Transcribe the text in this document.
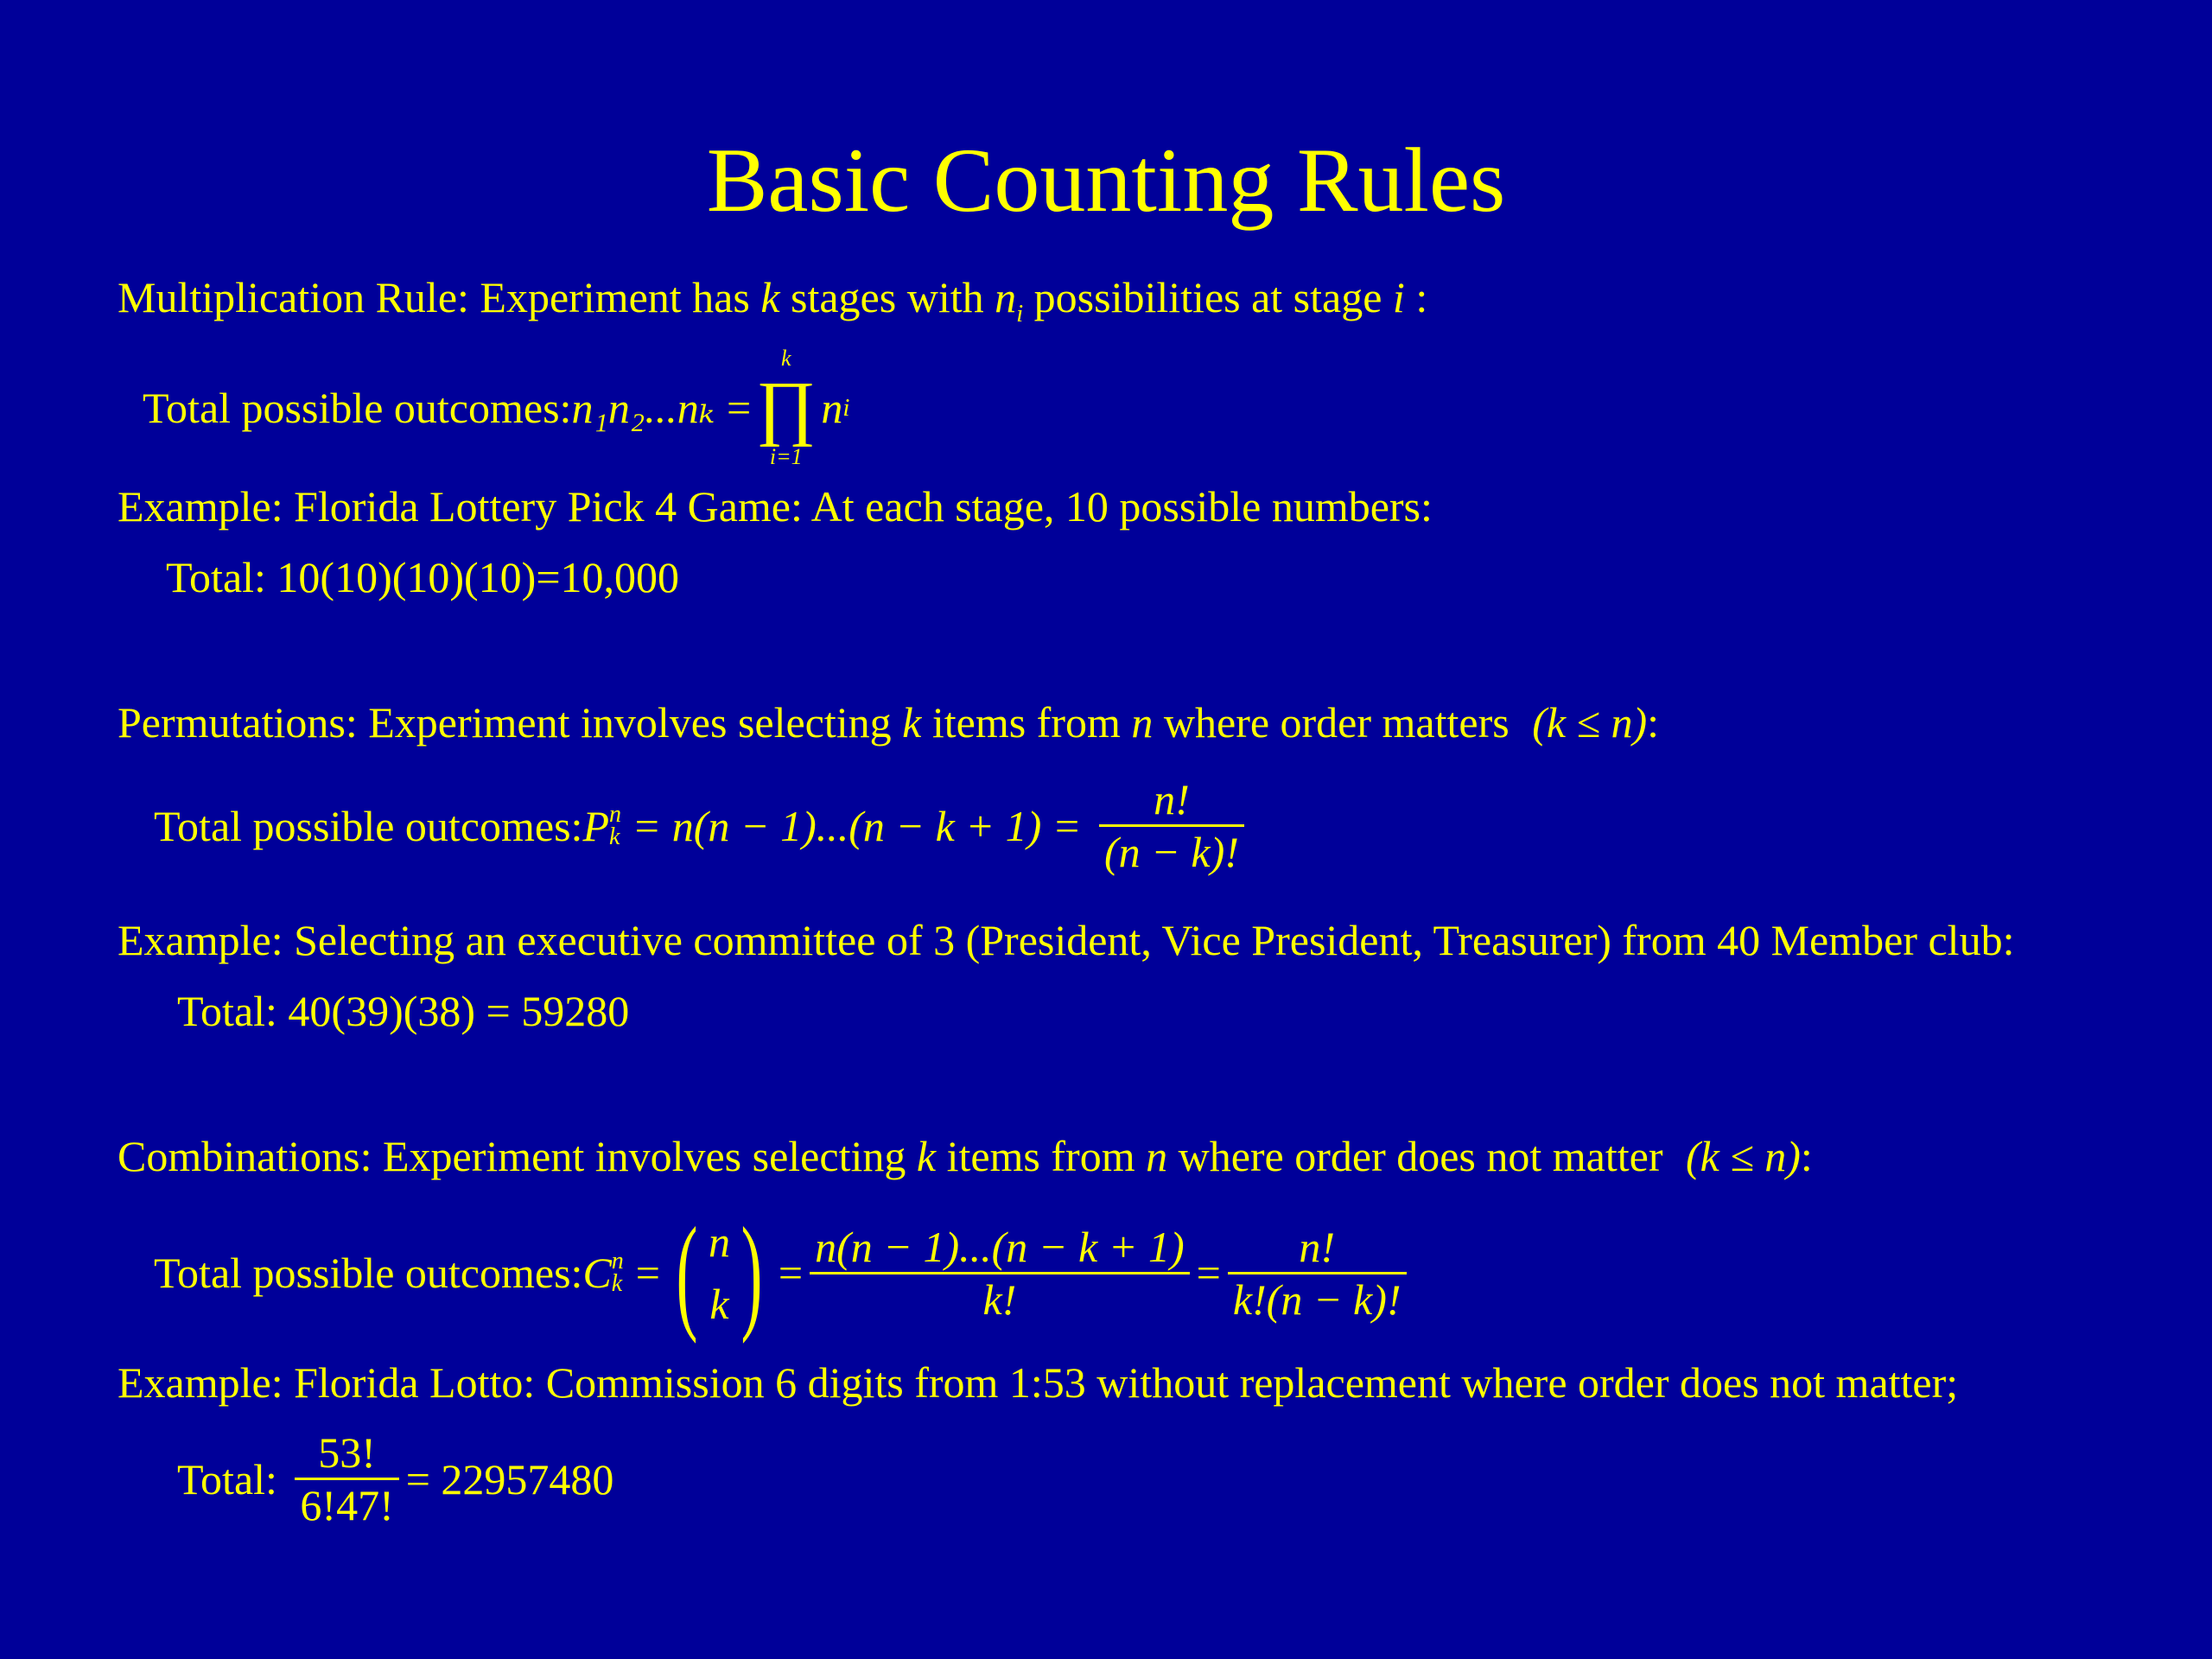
Basic Counting Rules
Multiplication Rule: Experiment has k stages with $n_i$ possibilities at stage i :
Total possible outcomes: n₁n₂...nₖ =
k
∏
i=1
n i
Example: Florida Lottery Pick 4 Game: At each stage, 10 possible numbers:
Total: 10(10)(10)(10)=10,000
Permutations: Experiment involves selecting k items from n where order matters (k ≤ n):
Total possible outcomes: P n
$k = n(n - 1)...(n - k + 1) = \frac{n!}{(n - k)!}$
Example: Selecting an executive committee of 3 (President, Vice President, Treasurer) from 40 Member club:
Total: 40(39)(38) = 59280
Combinations: Experiment involves selecting k items from n where order does not matter (k ≤ n):
Total possible outcomes: C n
k = ( n
k ) = $\frac{n(n - 1)...(n - k + 1)}{k!} = \frac{n!}{k!(n - k)!}$
Example: Florida Lotto: Commission 6 digits from 1:53 without replacement where order does not matter;
Total: $\frac{53!}{6!47!} = 22957480$
